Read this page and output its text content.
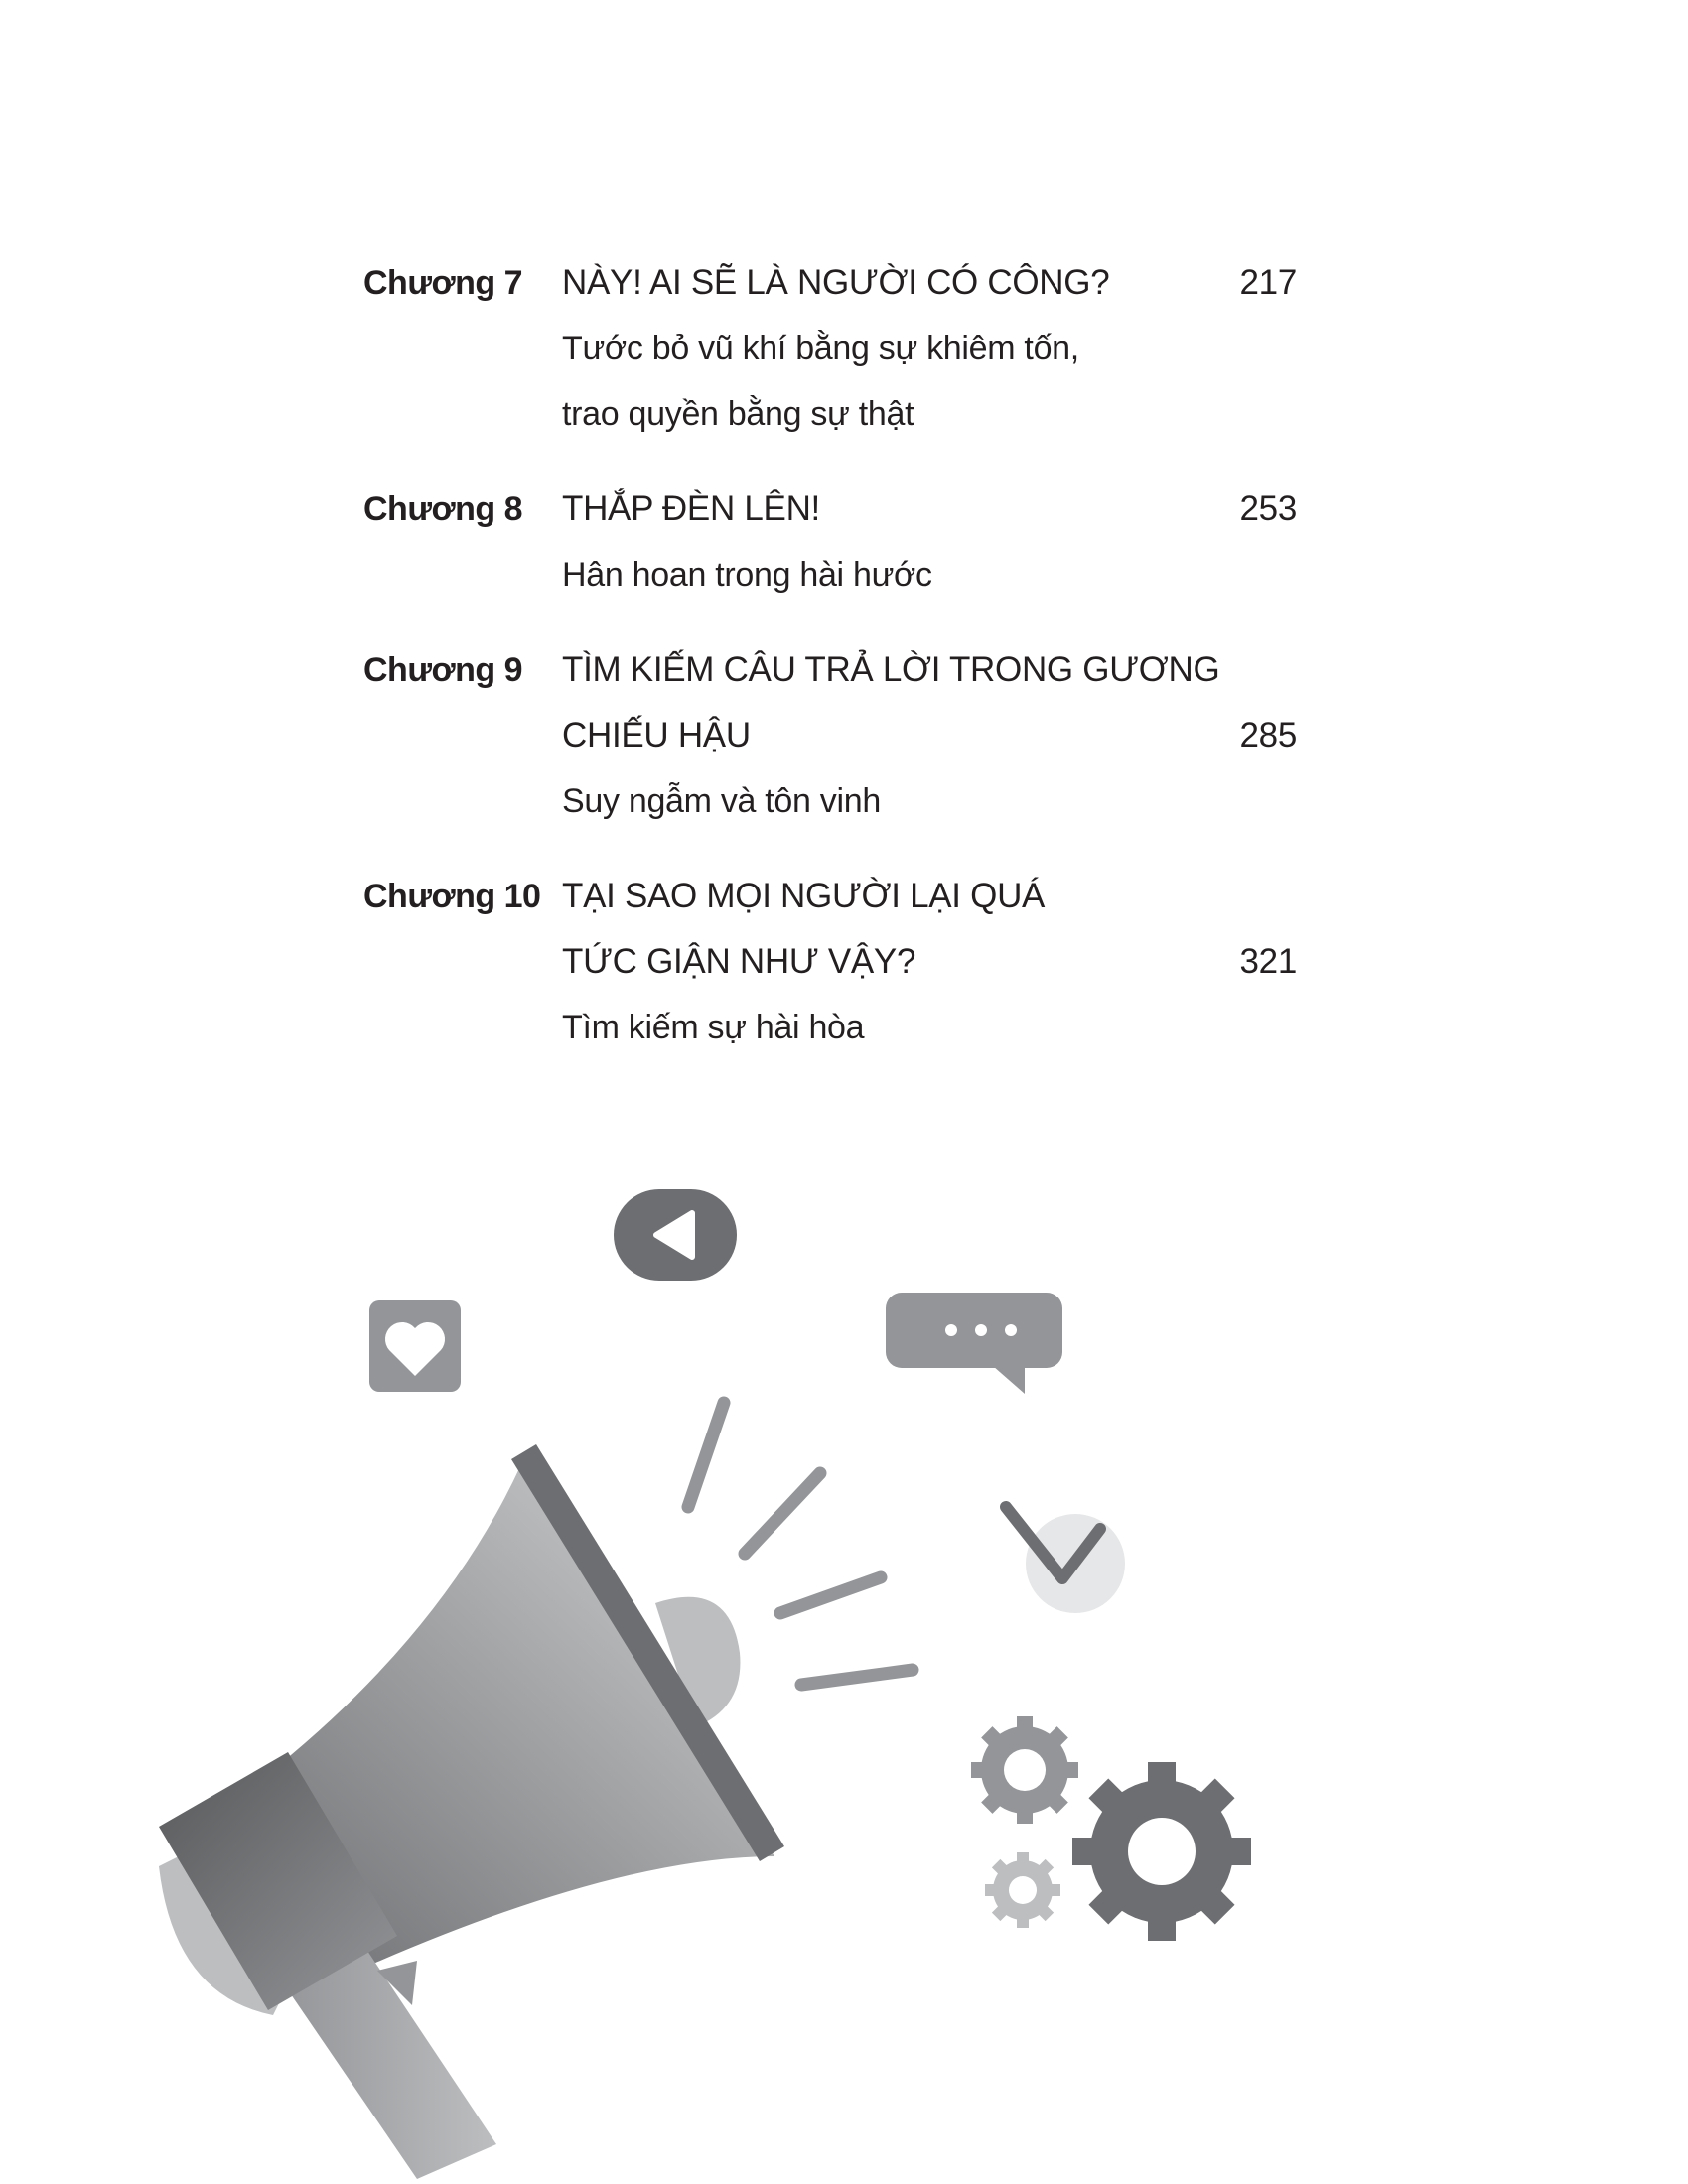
Chương 7	NÀY! AI SẼ LÀ NGƯỜI CÓ CÔNG?	217
Tước bỏ vũ khí bằng sự khiêm tốn,
trao quyền bằng sự thật
Chương 8	THẮP ĐÈN LÊN!	253
Hân hoan trong hài hước
Chương 9	TÌM KIẾM CÂU TRẢ LỜI TRONG GƯƠNG
CHIẾU HẬU	285
Suy ngẫm và tôn vinh
Chương 10 TẠI SAO MỌI NGƯỜI LẠI QUÁ
TỨC GIẬN NHƯ VẬY?	321
Tìm kiếm sự hài hòa
